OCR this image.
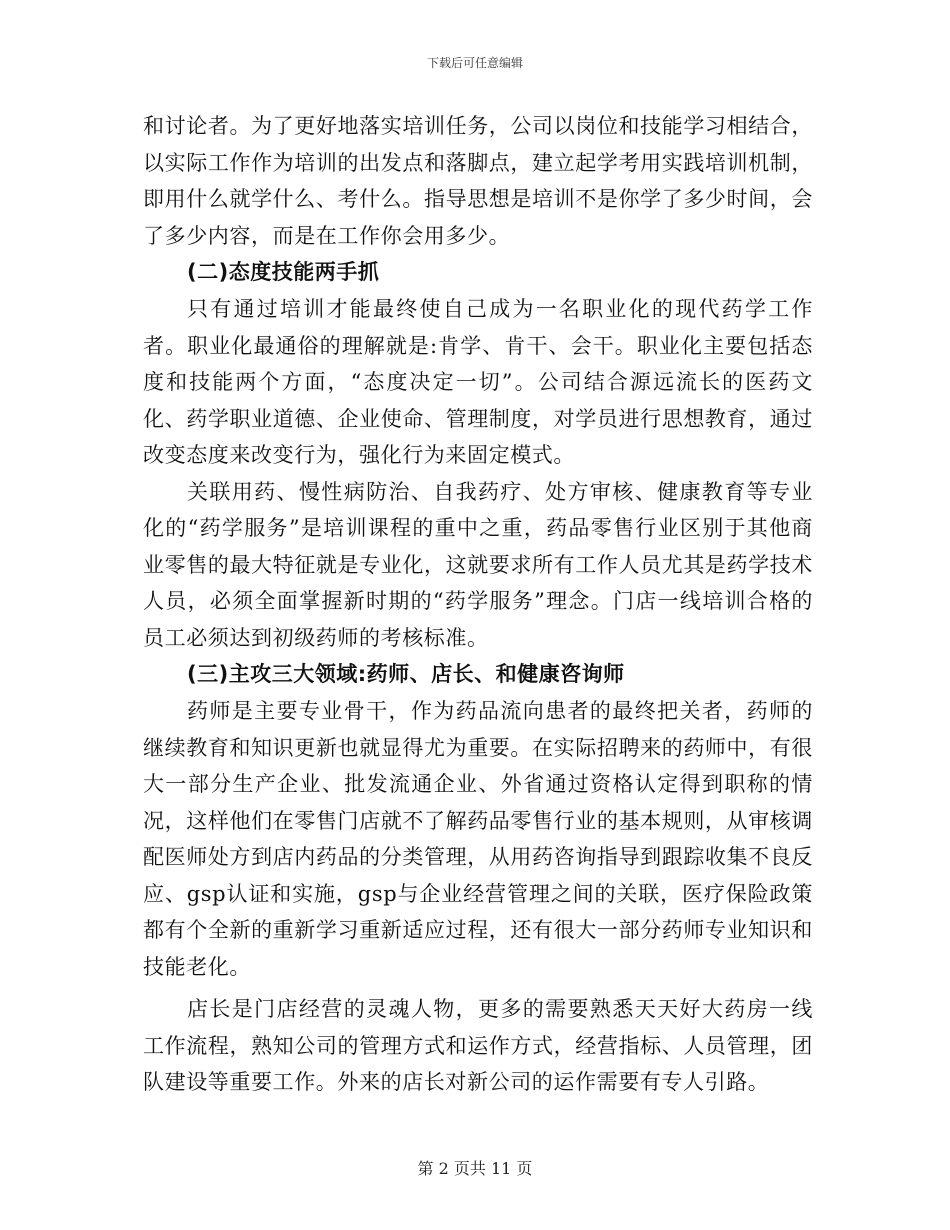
下载后可任意编辑

和讨论者。为了更好地落实培训任务，公司以岗位和技能学习相结合，以实际工作作为培训的出发点和落脚点，建立起学考用实践培训机制，即用什么就学什么、考什么。指导思想是培训不是你学了多少时间，会了多少内容，而是在工作你会用多少。

(二)态度技能两手抓

只有通过培训才能最终使自己成为一名职业化的现代药学工作者。职业化最通俗的理解就是:肯学、肯干、会干。职业化主要包括态度和技能两个方面，“态度决定一切”。公司结合源远流长的医药文化、药学职业道德、企业使命、管理制度，对学员进行思想教育，通过改变态度来改变行为，强化行为来固定模式。

关联用药、慢性病防治、自我药疗、处方审核、健康教育等专业化的“药学服务”是培训课程的重中之重，药品零售行业区别于其他商业零售的最大特征就是专业化，这就要求所有工作人员尤其是药学技术人员，必须全面掌握新时期的“药学服务”理念。门店一线培训合格的员工必须达到初级药师的考核标准。

(三)主攻三大领域:药师、店长、和健康咨询师

药师是主要专业骨干，作为药品流向患者的最终把关者，药师的继续教育和知识更新也就显得尤为重要。在实际招聘来的药师中，有很大一部分生产企业、批发流通企业、外省通过资格认定得到职称的情况，这样他们在零售门店就不了解药品零售行业的基本规则，从审核调配医师处方到店内药品的分类管理，从用药咨询指导到跟踪收集不良反应、gsp认证和实施，gsp与企业经营管理之间的关联，医疗保险政策都有个全新的重新学习重新适应过程，还有很大一部分药师专业知识和技能老化。

店长是门店经营的灵魂人物，更多的需要熟悉天天好大药房一线工作流程，熟知公司的管理方式和运作方式，经营指标、人员管理，团队建设等重要工作。外来的店长对新公司的运作需要有专人引路。

第 2 页共 11 页
